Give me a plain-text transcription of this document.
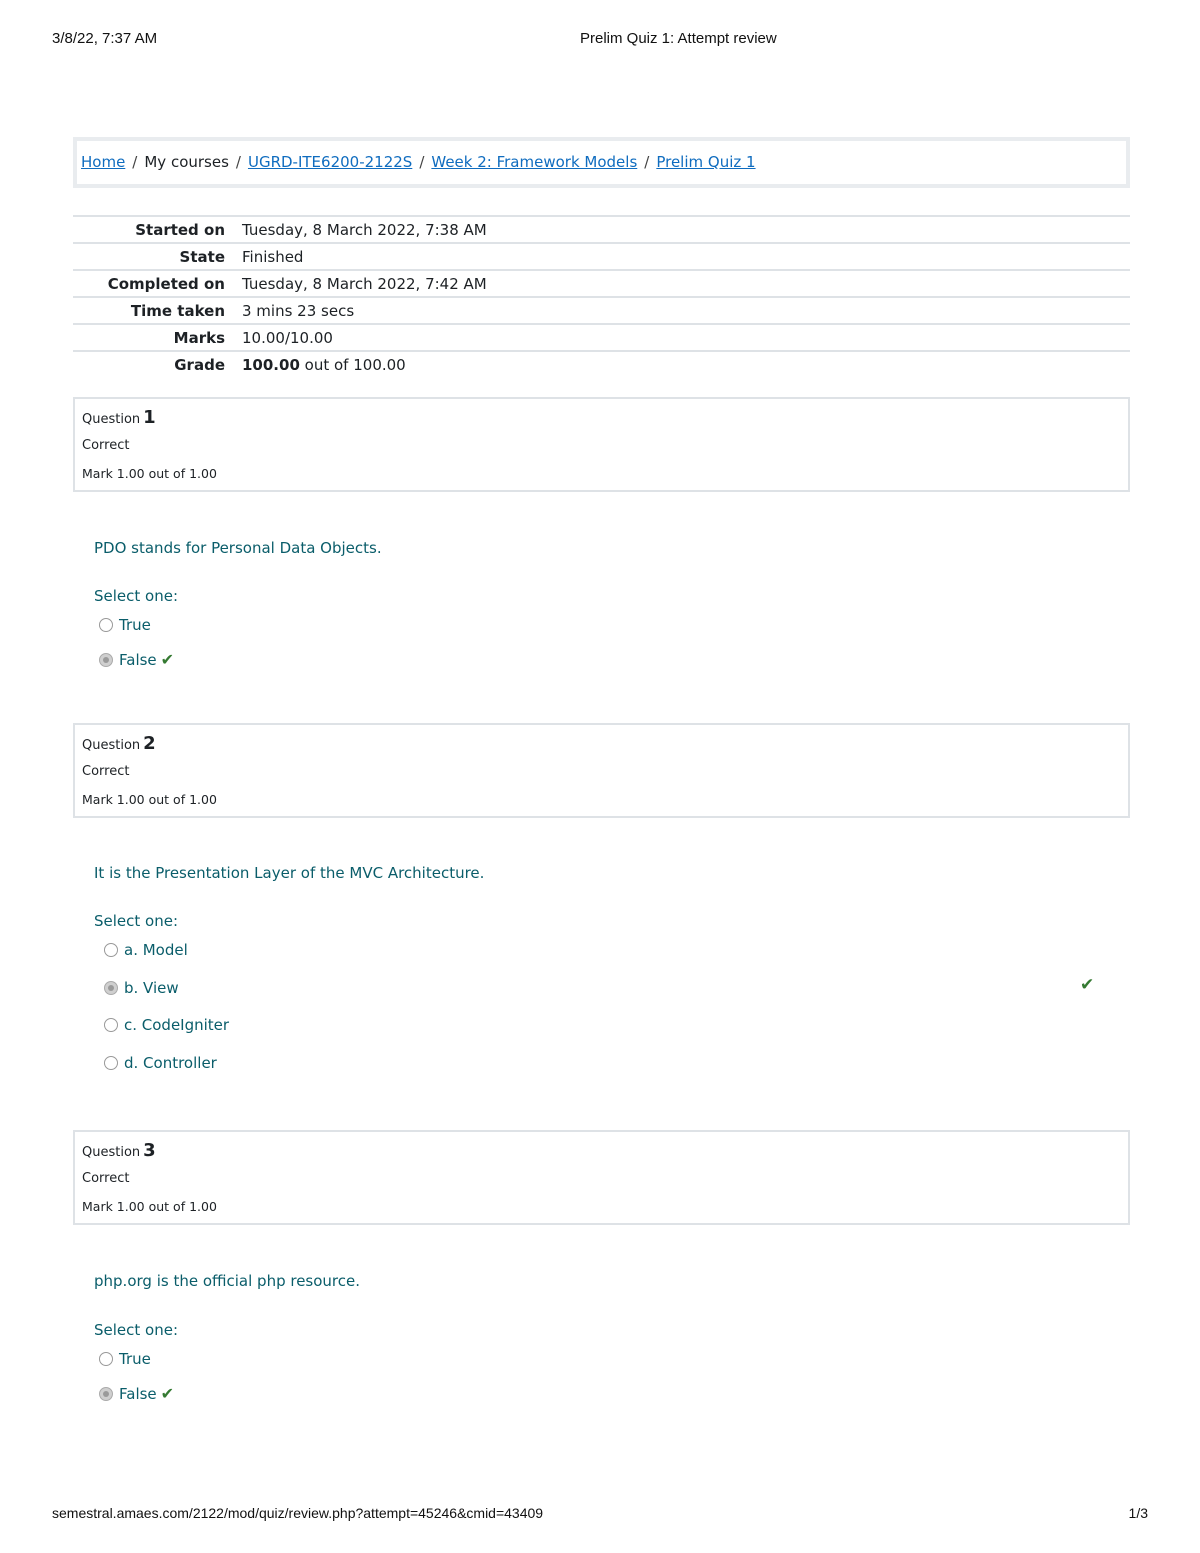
3/8/22, 7:37 AM	Prelim Quiz 1: Attempt review
Home / My courses / UGRD-ITE6200-2122S / Week 2: Framework Models / Prelim Quiz 1
Started on	Tuesday, 8 March 2022, 7:38 AM
State	Finished
Completed on	Tuesday, 8 March 2022, 7:42 AM
Time taken	3 mins 23 secs
Marks	10.00/10.00
Grade	100.00 out of 100.00
Question 1
Correct
Mark 1.00 out of 1.00
PDO stands for Personal Data Objects.
Select one:
True
False ✔
Question 2
Correct
Mark 1.00 out of 1.00
It is the Presentation Layer of the MVC Architecture.
Select one:
a. Model
b. View	✔
c. CodeIgniter
d. Controller
Question 3
Correct
Mark 1.00 out of 1.00
php.org is the official php resource.
Select one:
True
False ✔
semestral.amaes.com/2122/mod/quiz/review.php?attempt=45246&cmid=43409	1/3
